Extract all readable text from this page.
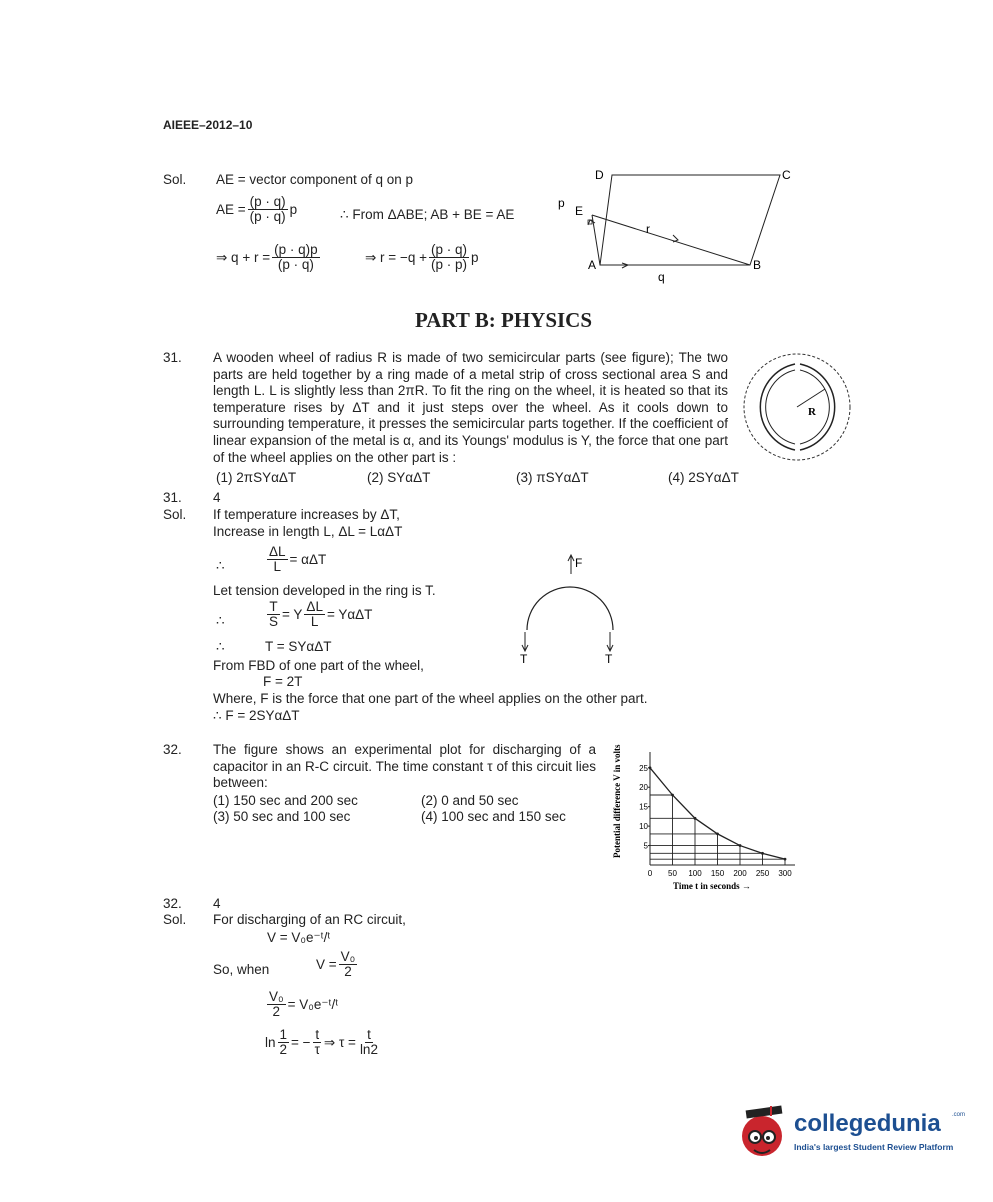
AIEEE–2012–10
Sol. AE = vector component of q on p
AE = $\frac{(p \cdot q)}{(p \cdot q)}$ p	∴ From ΔABE; AB + BE = AE
⇒ $q + r = \frac{(p \cdot q)p}{(p \cdot q)}$	⇒ $r = -q + \frac{(p \cdot q)}{(p \cdot p)}$ p
D	C
E
p
r
A	B
q
PART B: PHYSICS
31. A wooden wheel of radius R is made of two semicircular parts (see figure); The two parts are held together by a ring made of a metal strip of cross sectional area S and length L. L is slightly less than 2πR. To fit the ring on the wheel, it is heated so that its temperature rises by ΔT and it just steps over the wheel. As it cools down to surrounding temperature, it presses the semicircular parts together. If the coefficient of linear expansion of the metal is α, and its Youngs' modulus is Y, the force that one part of the wheel applies on the other part is :
(1) 2πSYαΔT	(2) SYαΔT	(3) πSYαΔT	(4) 2SYαΔT
R
31. 4
Sol. If temperature increases by ΔT,
Increase in length L, ΔL = LαΔT
∴	$\frac{\Delta L}{L} = \alpha\Delta T$
Let tension developed in the ring is T.
∴	$\frac{T}{S} = Y \frac{\Delta L}{L} = Y\alpha\Delta T$
∴	T = SYαΔT
From FBD of one part of the wheel,
F = 2T
Where, F is the force that one part of the wheel applies on the other part.
∴ F = 2SYαΔT
F
T	T
32. The figure shows an experimental plot for discharging of a capacitor in an R-C circuit. The time constant τ of this circuit lies between:
(1) 150 sec and 200 sec	(2) 0 and 50 sec
(3) 50 sec and 100 sec	(4) 100 sec and 150 sec
0 50 100 150 200 250 300
5
10
15
20
25
Potential difference V in volts
Time t in seconds →
32. 4
Sol. For discharging of an RC circuit,
V = V₀e⁻ᵗ/ᵗ
So, when	$V = \frac{\text{V₀}}{2}$
$\frac{\text{V₀}}{2}$ = V₀e⁻ᵗ/ᵗ
$\ln \frac{1}{2}$ = − $\frac{t}{\tau}$ ⇒ $\tau = \frac{t}{\ln 2}$
collegedunia .com
India's largest Student Review Platform
